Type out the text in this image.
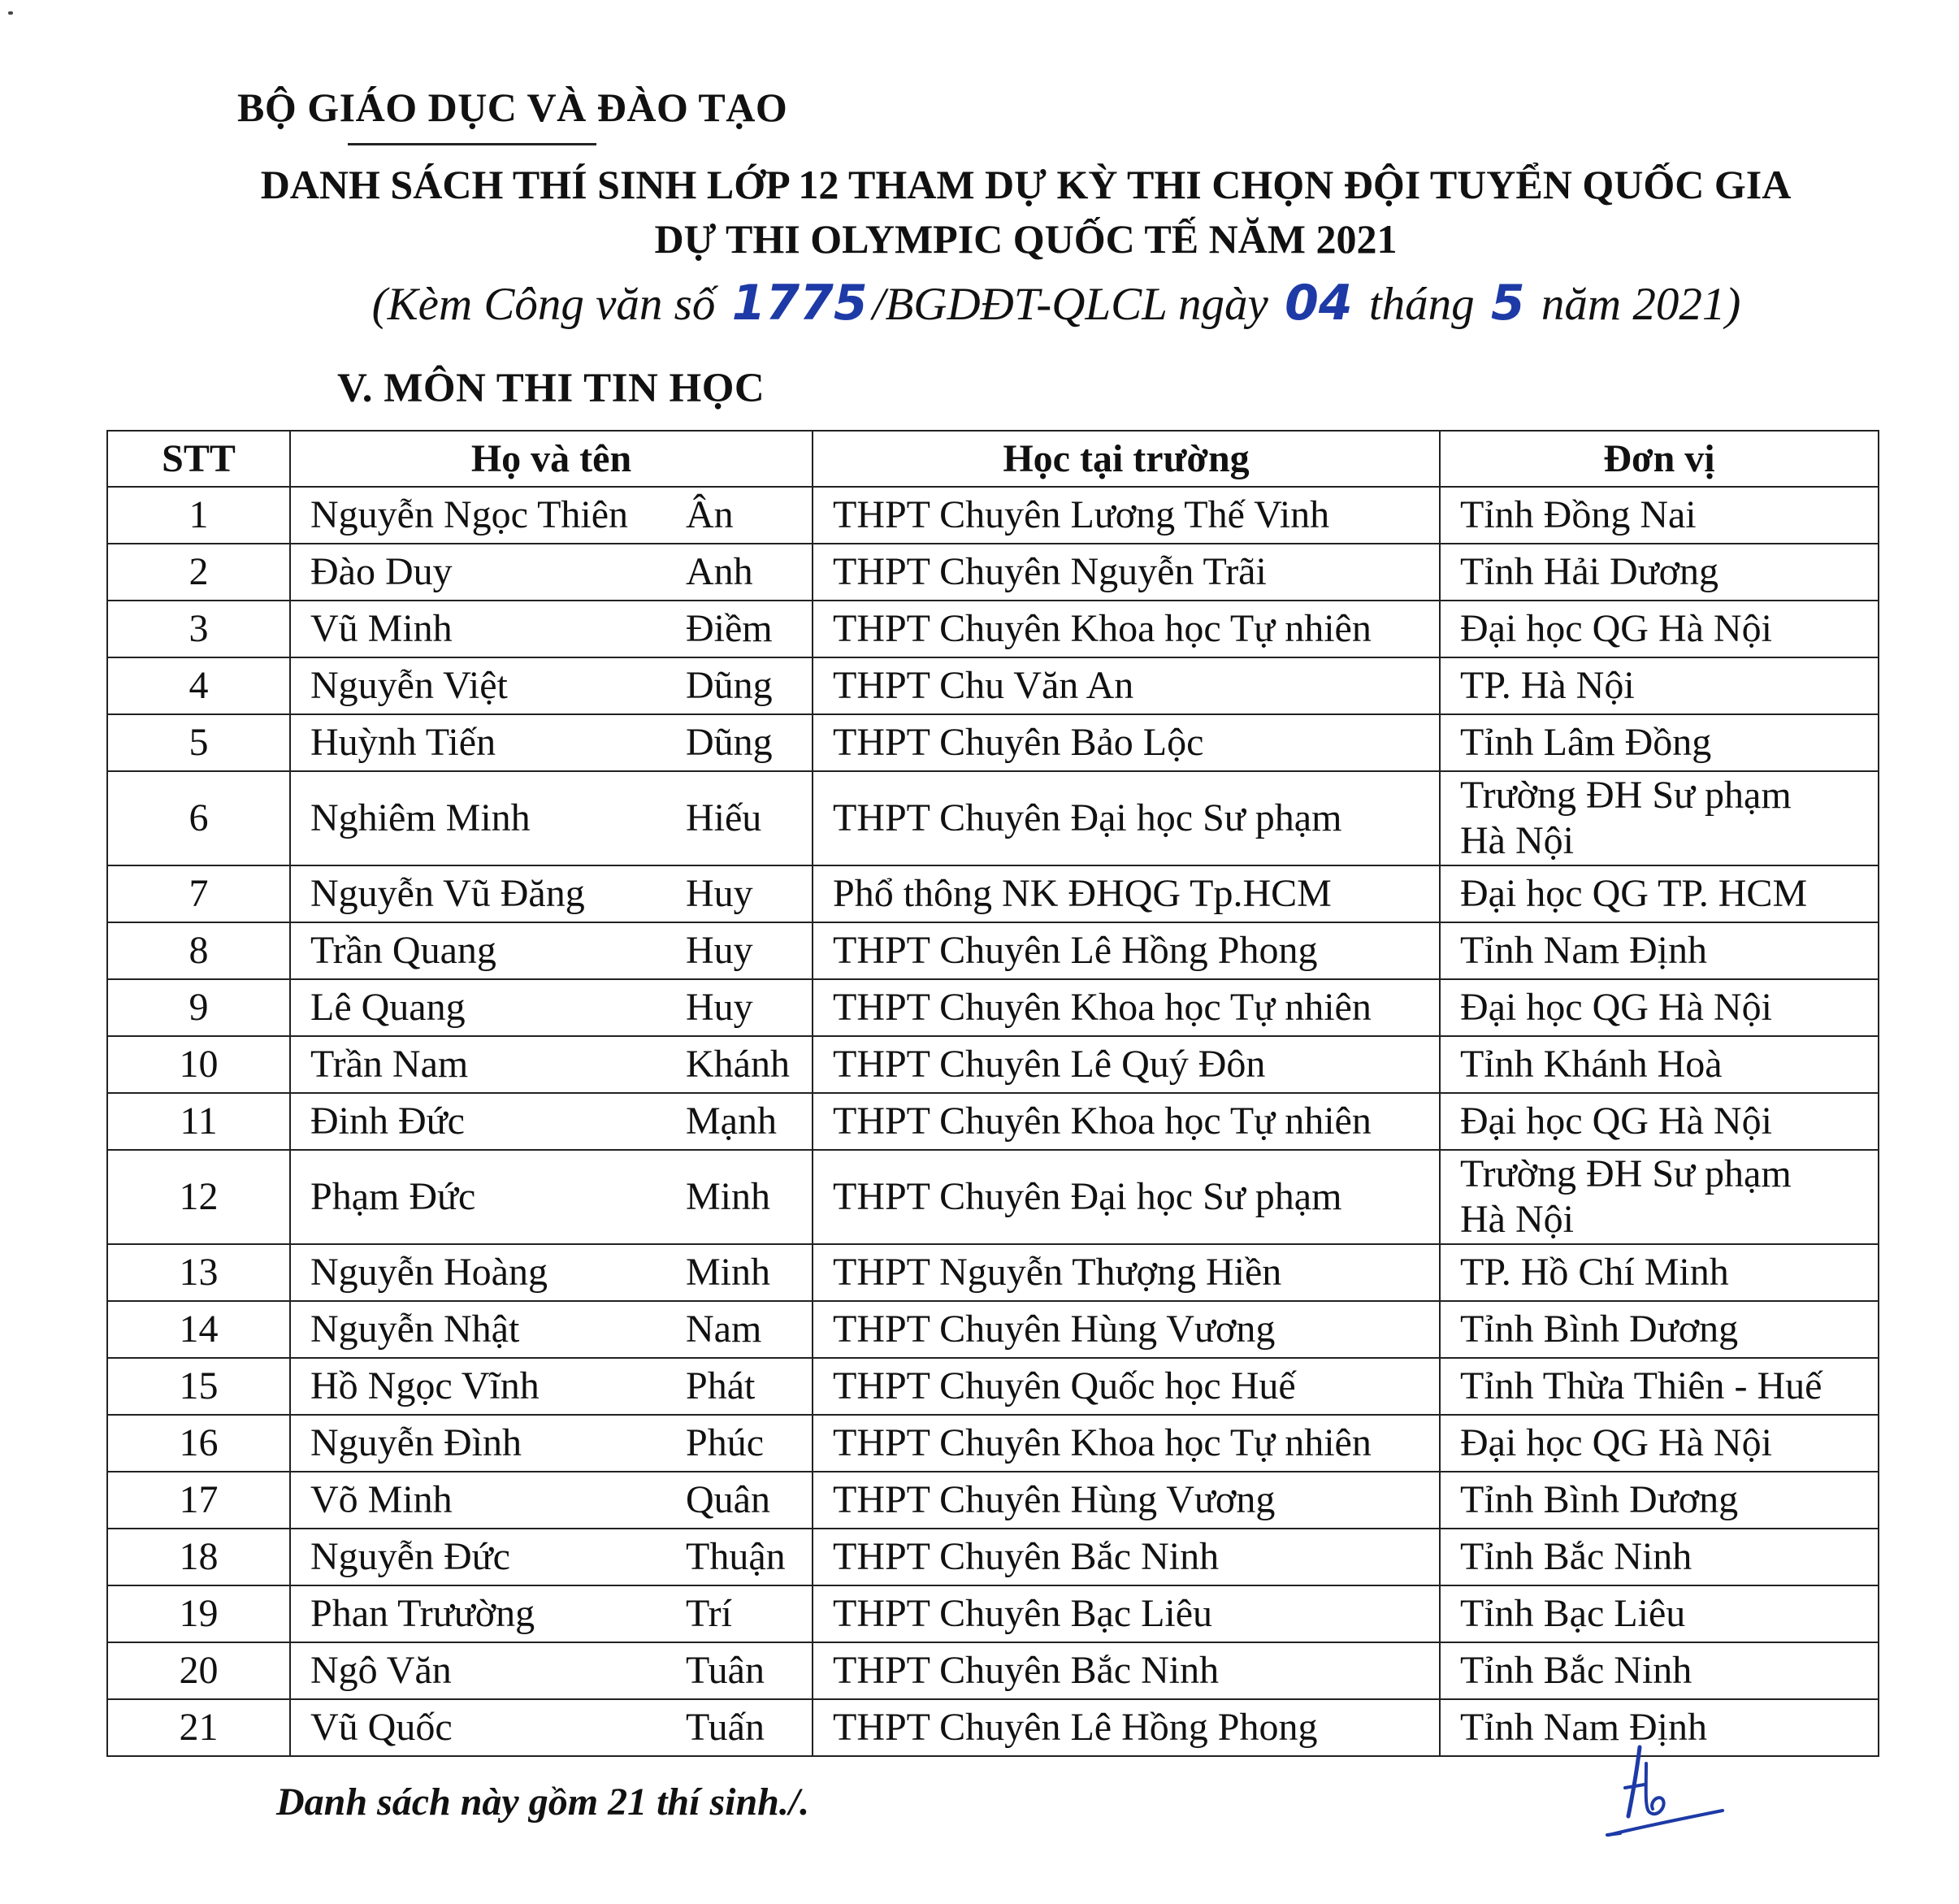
BỘ GIÁO DỤC VÀ ĐÀO TẠO
DANH SÁCH THÍ SINH LỚP 12 THAM DỰ KỲ THI CHỌN ĐỘI TUYỂN QUỐC GIA
DỰ THI OLYMPIC QUỐC TẾ NĂM 2021
(Kèm Công văn số 1775 /BGDĐT-QLCL ngày 04 tháng 5 năm 2021)
V. MÔN THI TIN HỌC
STT	Họ và tên	Học tại trường	Đơn vị
1	Nguyễn Ngọc Thiên Ân	THPT Chuyên Lương Thế Vinh	Tỉnh Đồng Nai
2	Đào Duy Anh	THPT Chuyên Nguyễn Trãi	Tỉnh Hải Dương
3	Vũ Minh Điềm	THPT Chuyên Khoa học Tự nhiên	Đại học QG Hà Nội
4	Nguyễn Việt Dũng	THPT Chu Văn An	TP. Hà Nội
5	Huỳnh Tiến Dũng	THPT Chuyên Bảo Lộc	Tỉnh Lâm Đồng
6	Nghiêm Minh Hiếu	THPT Chuyên Đại học Sư phạm	Trường ĐH Sư phạm
Hà Nội
7	Nguyễn Vũ Đăng Huy	Phổ thông NK ĐHQG Tp.HCM	Đại học QG TP. HCM
8	Trần Quang Huy	THPT Chuyên Lê Hồng Phong	Tỉnh Nam Định
9	Lê Quang Huy	THPT Chuyên Khoa học Tự nhiên	Đại học QG Hà Nội
10	Trần Nam Khánh	THPT Chuyên Lê Quý Đôn	Tỉnh Khánh Hoà
11	Đinh Đức Mạnh	THPT Chuyên Khoa học Tự nhiên	Đại học QG Hà Nội
12	Phạm Đức Minh	THPT Chuyên Đại học Sư phạm	Trường ĐH Sư phạm
Hà Nội
13	Nguyễn Hoàng Minh	THPT Nguyễn Thượng Hiền	TP. Hồ Chí Minh
14	Nguyễn Nhật Nam	THPT Chuyên Hùng Vương	Tỉnh Bình Dương
15	Hồ Ngọc Vĩnh Phát	THPT Chuyên Quốc học Huế	Tỉnh Thừa Thiên - Huế
16	Nguyễn Đình Phúc	THPT Chuyên Khoa học Tự nhiên	Đại học QG Hà Nội
17	Võ Minh Quân	THPT Chuyên Hùng Vương	Tỉnh Bình Dương
18	Nguyễn Đức Thuận	THPT Chuyên Bắc Ninh	Tỉnh Bắc Ninh
19	Phan Trưường Trí	THPT Chuyên Bạc Liêu	Tỉnh Bạc Liêu
20	Ngô Văn Tuân	THPT Chuyên Bắc Ninh	Tỉnh Bắc Ninh
21	Vũ Quốc Tuấn	THPT Chuyên Lê Hồng Phong	Tỉnh Nam Định
Danh sách này gồm 21 thí sinh./.
